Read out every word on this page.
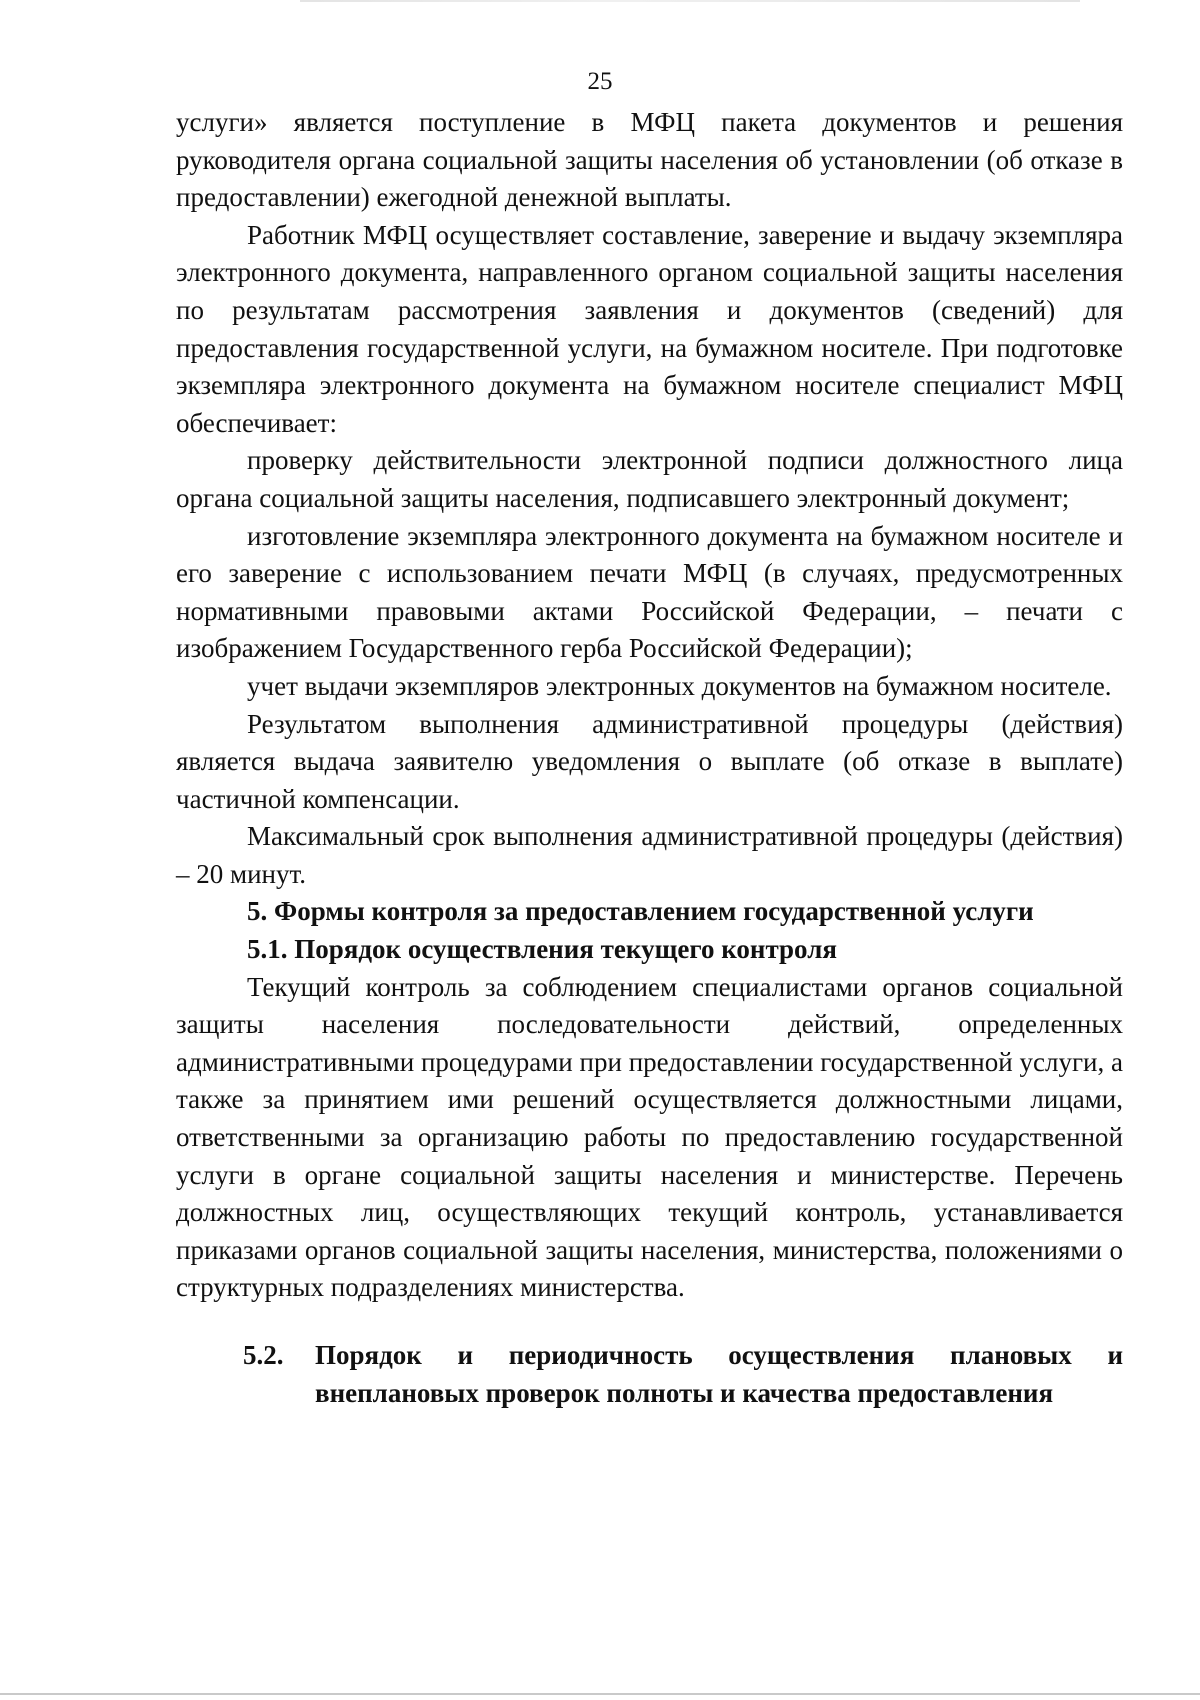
25

услуги» является поступление в МФЦ пакета документов и решения руководителя органа социальной защиты населения об установлении (об отказе в предоставлении) ежегодной денежной выплаты.

Работник МФЦ осуществляет составление, заверение и выдачу экземпляра электронного документа, направленного органом социальной защиты населения по результатам рассмотрения заявления и документов (сведений) для предоставления государственной услуги, на бумажном носителе. При подготовке экземпляра электронного документа на бумажном носителе специалист МФЦ обеспечивает:

проверку действительности электронной подписи должностного лица органа социальной защиты населения, подписавшего электронный документ;

изготовление экземпляра электронного документа на бумажном носителе и его заверение с использованием печати МФЦ (в случаях, предусмотренных нормативными правовыми актами Российской Федерации, – печати с изображением Государственного герба Российской Федерации);

учет выдачи экземпляров электронных документов на бумажном носителе.

Результатом выполнения административной процедуры (действия) является выдача заявителю уведомления о выплате (об отказе в выплате) частичной компенсации.

Максимальный срок выполнения административной процедуры (действия) – 20 минут.

5. Формы контроля за предоставлением государственной услуги

5.1. Порядок осуществления текущего контроля

Текущий контроль за соблюдением специалистами органов социальной защиты населения последовательности действий, определенных административными процедурами при предоставлении государственной услуги, а также за принятием ими решений осуществляется должностными лицами, ответственными за организацию работы по предоставлению государственной услуги в органе социальной защиты населения и министерстве. Перечень должностных лиц, осуществляющих текущий контроль, устанавливается приказами органов социальной защиты населения, министерства, положениями о структурных подразделениях министерства.

5.2.	Порядок и периодичность осуществления плановых и внеплановых проверок полноты и качества предоставления
